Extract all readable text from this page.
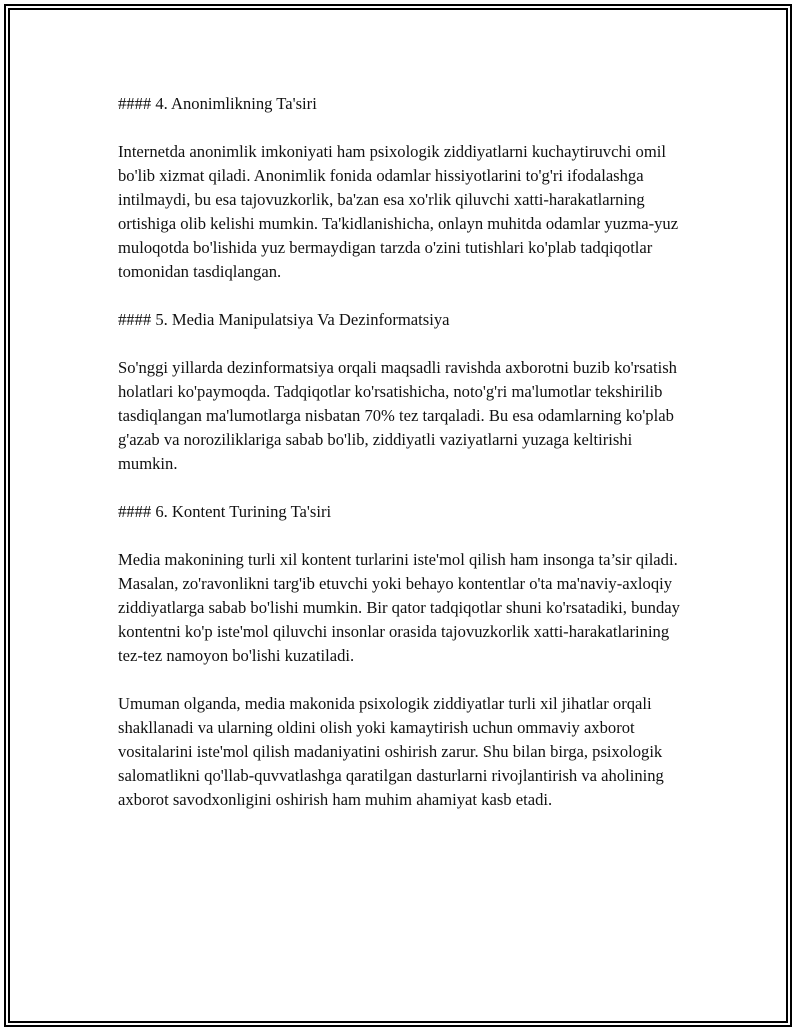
#### 4. Anonimlikning Ta'siri

Internetda anonimlik imkoniyati ham psixologik ziddiyatlarni kuchaytiruvchi omil bo'lib xizmat qiladi. Anonimlik fonida odamlar hissiyotlarini to'g'ri ifodalashga intilmaydi, bu esa tajovuzkorlik, ba'zan esa xo'rlik qiluvchi xatti-harakatlarning ortishiga olib kelishi mumkin. Ta'kidlanishicha, onlayn muhitda odamlar yuzma-yuz muloqotda bo'lishida yuz bermaydigan tarzda o'zini tutishlari ko'plab tadqiqotlar tomonidan tasdiqlangan.

#### 5. Media Manipulatsiya Va Dezinformatsiya

So'nggi yillarda dezinformatsiya orqali maqsadli ravishda axborotni buzib ko'rsatish holatlari ko'paymoqda. Tadqiqotlar ko'rsatishicha, noto'g'ri ma'lumotlar tekshirilib tasdiqlangan ma'lumotlarga nisbatan 70% tez tarqaladi. Bu esa odamlarning ko'plab g'azab va noroziliklariga sabab bo'lib, ziddiyatli vaziyatlarni yuzaga keltirishi mumkin.

#### 6. Kontent Turining Ta'siri

Media makonining turli xil kontent turlarini iste'mol qilish ham insonga ta’sir qiladi. Masalan, zo'ravonlikni targ'ib etuvchi yoki behayo kontentlar o'ta ma'naviy-axloqiy ziddiyatlarga sabab bo'lishi mumkin. Bir qator tadqiqotlar shuni ko'rsatadiki, bunday kontentni ko'p iste'mol qiluvchi insonlar orasida tajovuzkorlik xatti-harakatlarining tez-tez namoyon bo'lishi kuzatiladi.

Umuman olganda, media makonida psixologik ziddiyatlar turli xil jihatlar orqali shakllanadi va ularning oldini olish yoki kamaytirish uchun ommaviy axborot vositalarini iste'mol qilish madaniyatini oshirish zarur. Shu bilan birga, psixologik salomatlikni qo'llab-quvvatlashga qaratilgan dasturlarni rivojlantirish va aholining axborot savodxonligini oshirish ham muhim ahamiyat kasb etadi.
